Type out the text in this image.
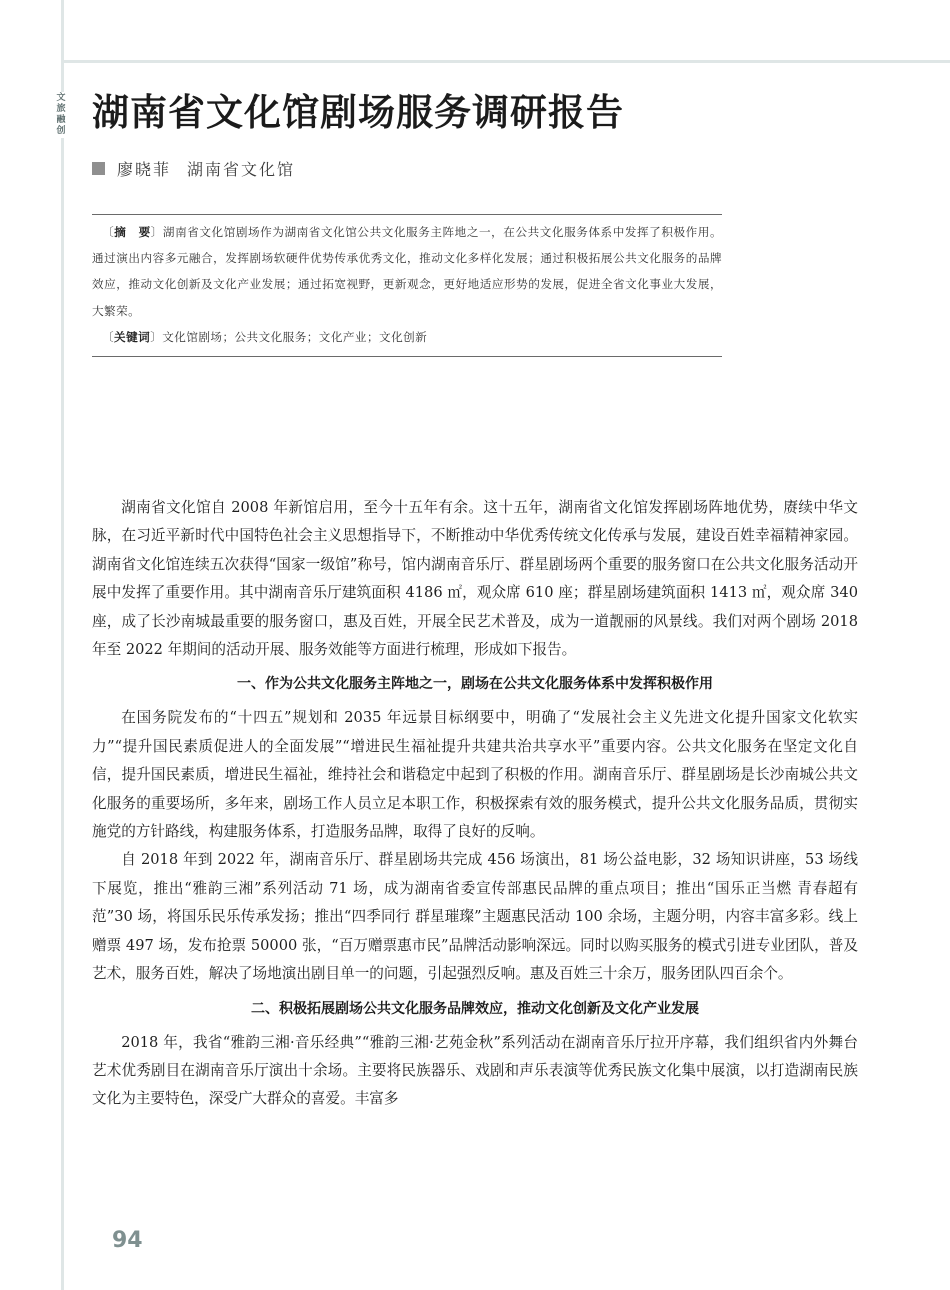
文旅融创 湖南省文化馆剧场服务调研报告
廖晓菲 湖南省文化馆

〔摘　要〕湖南省文化馆剧场作为湖南省文化馆公共文化服务主阵地之一，在公共文化服务体系中发挥了积极作用。通过演出内容多元融合，发挥剧场软硬件优势传承优秀文化，推动文化多样化发展；通过积极拓展公共文化服务的品牌效应，推动文化创新及文化产业发展；通过拓宽视野，更新观念，更好地适应形势的发展，促进全省文化事业大发展，大繁荣。

〔关键词〕文化馆剧场；公共文化服务；文化产业；文化创新

湖南省文化馆自 2008 年新馆启用，至今十五年有余。这十五年，湖南省文化馆发挥剧场阵地优势，赓续中华文脉，在习近平新时代中国特色社会主义思想指导下，不断推动中华优秀传统文化传承与发展，建设百姓幸福精神家园。湖南省文化馆连续五次获得“国家一级馆”称号，馆内湖南音乐厅、群星剧场两个重要的服务窗口在公共文化服务活动开展中发挥了重要作用。其中湖南音乐厅建筑面积 4186 ㎡，观众席 610 座；群星剧场建筑面积 1413 ㎡，观众席 340 座，成了长沙南城最重要的服务窗口，惠及百姓，开展全民艺术普及，成为一道靓丽的风景线。我们对两个剧场 2018 年至 2022 年期间的活动开展、服务效能等方面进行梳理，形成如下报告。

一、作为公共文化服务主阵地之一，剧场在公共文化服务体系中发挥积极作用

在国务院发布的“十四五”规划和 2035 年远景目标纲要中，明确了“发展社会主义先进文化提升国家文化软实力”“提升国民素质促进人的全面发展”“增进民生福祉提升共建共治共享水平”重要内容。公共文化服务在坚定文化自信，提升国民素质，增进民生福祉，维持社会和谐稳定中起到了积极的作用。湖南音乐厅、群星剧场是长沙南城公共文化服务的重要场所，多年来，剧场工作人员立足本职工作，积极探索有效的服务模式，提升公共文化服务品质，贯彻实施党的方针路线，构建服务体系，打造服务品牌，取得了良好的反响。

自 2018 年到 2022 年，湖南音乐厅、群星剧场共完成 456 场演出，81 场公益电影，32 场知识讲座，53 场线下展览，推出“雅韵三湘”系列活动 71 场，成为湖南省委宣传部惠民品牌的重点项目；推出“国乐正当燃 青春超有范”30 场，将国乐民乐传承发扬；推出“四季同行 群星璀璨”主题惠民活动 100 余场，主题分明，内容丰富多彩。线上赠票 497 场，发布抢票 50000 张，“百万赠票惠市民”品牌活动影响深远。同时以购买服务的模式引进专业团队，普及艺术，服务百姓，解决了场地演出剧目单一的问题，引起强烈反响。惠及百姓三十余万，服务团队四百余个。

二、积极拓展剧场公共文化服务品牌效应，推动文化创新及文化产业发展

2018 年，我省“雅韵三湘·音乐经典”“雅韵三湘·艺苑金秋”系列活动在湖南音乐厅拉开序幕，我们组织省内外舞台艺术优秀剧目在湖南音乐厅演出十余场。主要将民族器乐、戏剧和声乐表演等优秀民族文化集中展演，以打造湖南民族文化为主要特色，深受广大群众的喜爱。丰富多

94
